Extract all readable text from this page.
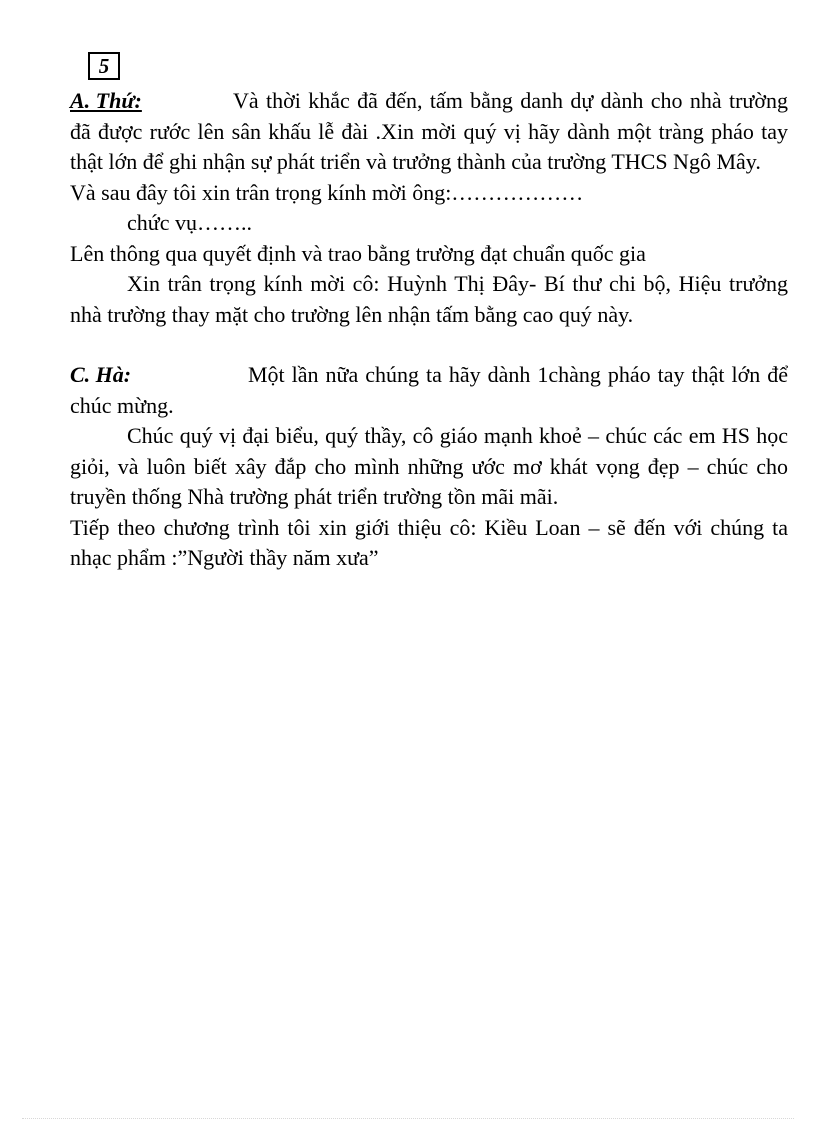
5

A. Thứ:	Và thời khắc đã đến, tấm bằng danh dự dành cho nhà trường đã được rước lên sân khấu lễ đài .Xin mời quý vị hãy dành một tràng pháo tay thật lớn để ghi nhận sự phát triển và trưởng thành của trường THCS Ngô Mây.

Và sau đây tôi xin trân trọng kính mời ông:………………

chức vụ……..

Lên thông qua quyết định và trao bằng trường đạt chuẩn quốc gia

Xin trân trọng kính mời cô: Huỳnh Thị Đây- Bí thư chi bộ, Hiệu trưởng nhà trường thay mặt cho trường lên nhận tấm bằng cao quý này.

C. Hà:	Một lần nữa chúng ta hãy dành 1chàng pháo tay thật lớn để chúc mừng.

Chúc quý vị đại biểu, quý thầy, cô giáo mạnh khoẻ – chúc các em HS học giỏi, và luôn biết xây đắp cho mình những ước mơ khát vọng đẹp – chúc cho truyền thống Nhà trường phát triển trường tồn mãi mãi.

Tiếp theo chương trình tôi xin giới thiệu cô: Kiều Loan – sẽ đến với chúng ta nhạc phẩm :”Người thầy năm xưa”
